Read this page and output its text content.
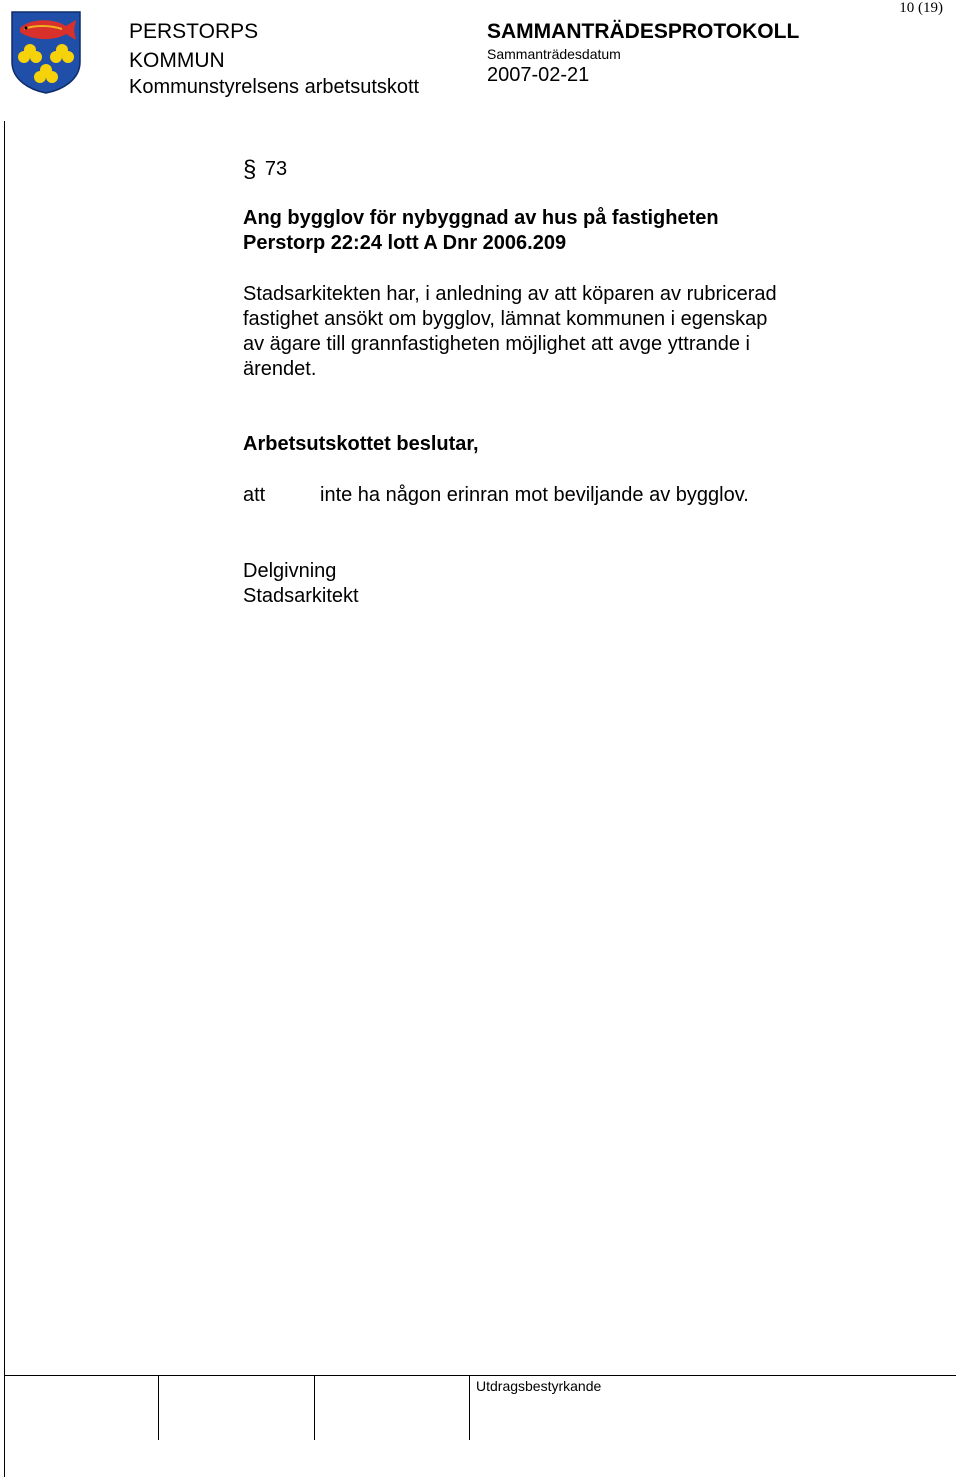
PERSTORPS
KOMMUN
Kommunstyrelsens arbetsutskott
SAMMANTRÄDESPROTOKOLL
Sammanträdesdatum
2007-02-21
10 (19)
§ 73
Ang bygglov för nybyggnad av hus på fastigheten
Perstorp 22:24 lott A Dnr 2006.209
Stadsarkitekten har, i anledning av att köparen av rubricerad
fastighet ansökt om bygglov, lämnat kommunen i egenskap
av ägare till grannfastigheten möjlighet att avge yttrande i
ärendet.
Arbetsutskottet beslutar,
att	inte ha någon erinran mot beviljande av bygglov.
Delgivning
Stadsarkitekt
Utdragsbestyrkande
